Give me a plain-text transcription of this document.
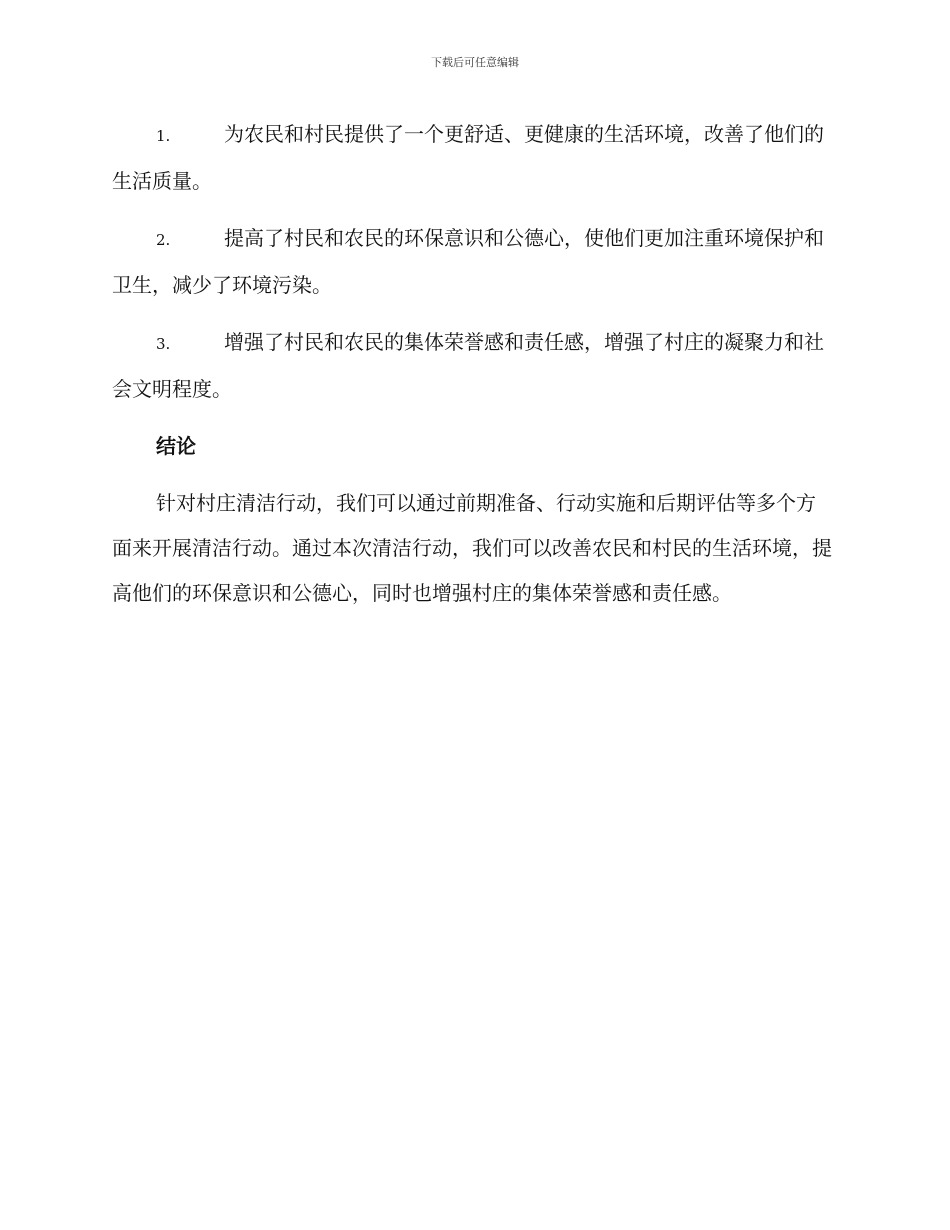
下载后可任意编辑

1.	为农民和村民提供了一个更舒适、更健康的生活环境，改善了他们的生活质量。

2.	提高了村民和农民的环保意识和公德心，使他们更加注重环境保护和卫生，减少了环境污染。

3.	增强了村民和农民的集体荣誉感和责任感，增强了村庄的凝聚力和社会文明程度。

结论

针对村庄清洁行动，我们可以通过前期准备、行动实施和后期评估等多个方面来开展清洁行动。通过本次清洁行动，我们可以改善农民和村民的生活环境，提高他们的环保意识和公德心，同时也增强村庄的集体荣誉感和责任感。
